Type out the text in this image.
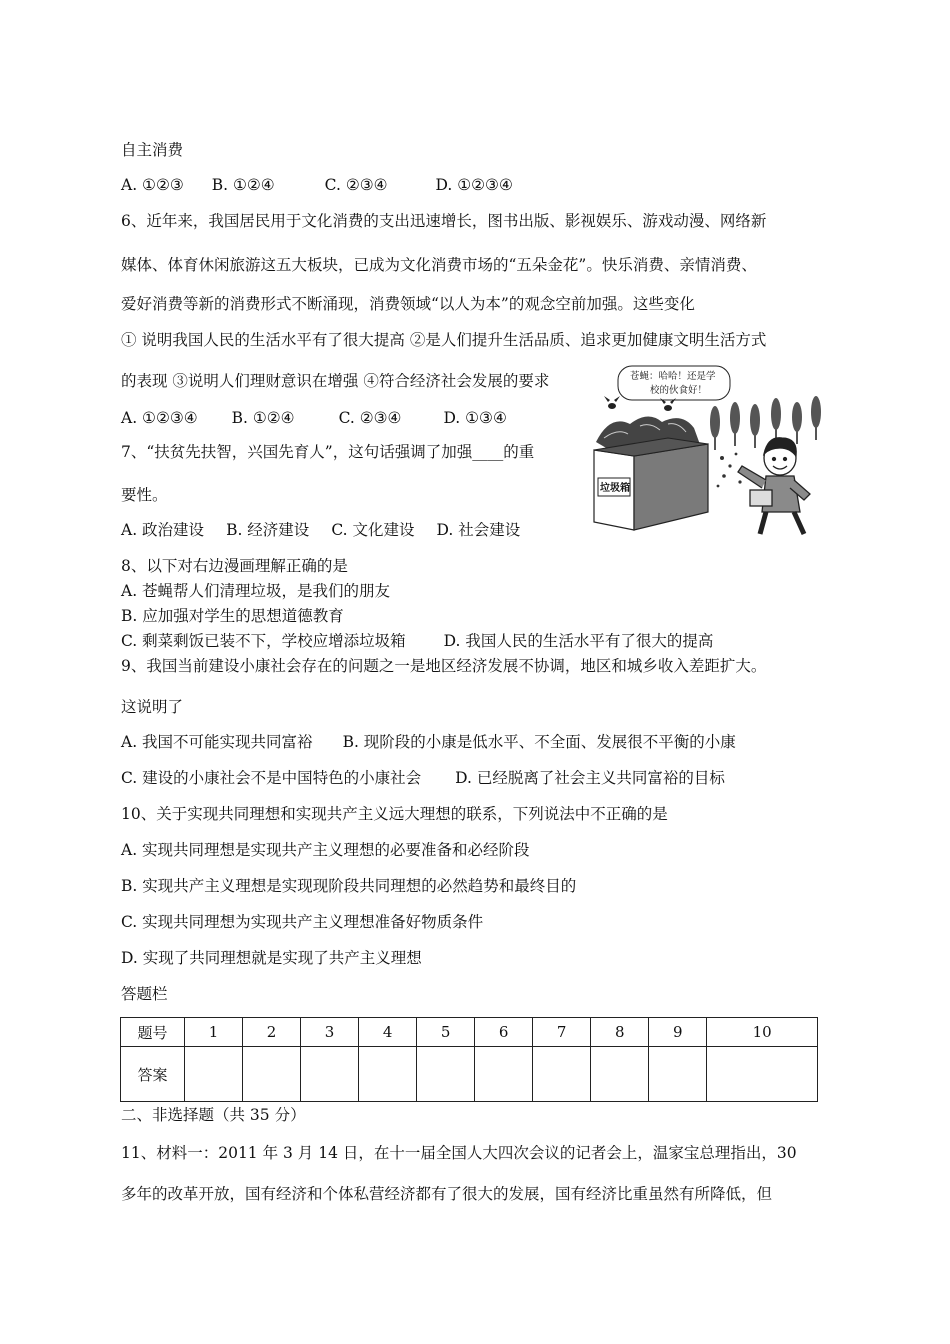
自主消费
A. ①②③ B. ①②④	C. ②③④	D. ①②③④
6、近年来，我国居民用于文化消费的支出迅速增长，图书出版、影视娱乐、游戏动漫、网络新
媒体、体育休闲旅游这五大板块，已成为文化消费市场的“五朵金花”。快乐消费、亲情消费、
爱好消费等新的消费形式不断涌现，消费领域“以人为本”的观念空前加强。这些变化
① 说明我国人民的生活水平有了很大提高 ②是人们提升生活品质、追求更加健康文明生活方式
的表现 ③说明人们理财意识在增强 ④符合经济社会发展的要求
A. ①②③④ B. ①②④	C. ②③④	D. ①③④
7、“扶贫先扶智，兴国先育人”，这句话强调了加强____的重
要性。
A. 政治建设 B. 经济建设 C. 文化建设 D. 社会建设
8、以下对右边漫画理解正确的是
A. 苍蝇帮人们清理垃圾，是我们的朋友
B. 应加强对学生的思想道德教育
C. 剩菜剩饭已装不下，学校应增添垃圾箱 D. 我国人民的生活水平有了很大的提高
9、我国当前建设小康社会存在的问题之一是地区经济发展不协调，地区和城乡收入差距扩大。
这说明了
A. 我国不可能实现共同富裕 B. 现阶段的小康是低水平、不全面、发展很不平衡的小康
C. 建设的小康社会不是中国特色的小康社会 D. 已经脱离了社会主义共同富裕的目标
10、关于实现共同理想和实现共产主义远大理想的联系，下列说法中不正确的是
A. 实现共同理想是实现共产主义理想的必要准备和必经阶段
B. 实现共产主义理想是实现现阶段共同理想的必然趋势和最终目的
C. 实现共同理想为实现共产主义理想准备好物质条件
D. 实现了共同理想就是实现了共产主义理想
答题栏
题号	1	2	3	4	5	6	7	8	9	10
答案										
二、非选择题（共 35 分）
11、材料一：2011 年 3 月 14 日，在十一届全国人大四次会议的记者会上，温家宝总理指出，30
多年的改革开放，国有经济和个体私营经济都有了很大的发展，国有经济比重虽然有所降低，但
苍蝇：哈哈！还是学
校的伙食好！
垃圾箱
